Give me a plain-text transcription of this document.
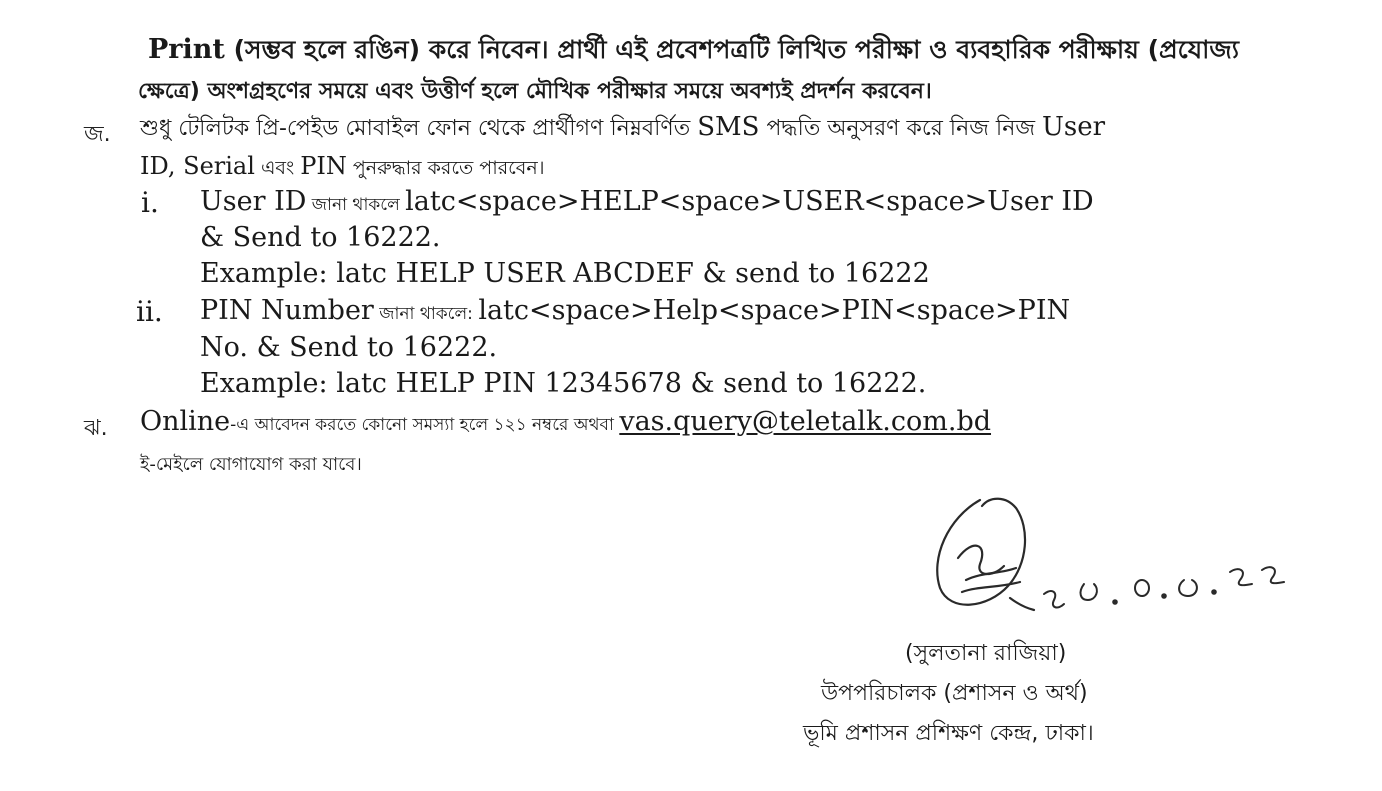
Print (সম্ভব হলে রঙিন) করে নিবেন। প্রার্থী এই প্রবেশপত্রটি লিখিত পরীক্ষা ও ব্যবহারিক পরীক্ষায় (প্রযোজ্য
ক্ষেত্রে) অংশগ্রহণের সময়ে এবং উত্তীর্ণ হলে মৌখিক পরীক্ষার সময়ে অবশ্যই প্রদর্শন করবেন।
জ. শুধু টেলিটক প্রি-পেইড মোবাইল ফোন থেকে প্রার্থীগণ নিম্নবর্ণিত SMS পদ্ধতি অনুসরণ করে নিজ নিজ User
ID, Serial এবং PIN পুনরুদ্ধার করতে পারবেন।
i. User ID জানা থাকলে latc<space>HELP<space>USER<space>User ID
& Send to 16222.
Example: latc HELP USER ABCDEF & send to 16222
ii. PIN Number জানা থাকলে: latc<space>Help<space>PIN<space>PIN
No. & Send to 16222.
Example: latc HELP PIN 12345678 & send to 16222.
ঝ. Online-এ আবেদন করতে কোনো সমস্যা হলে ১২১ নম্বরে অথবা vas.query@teletalk.com.bd
ই-মেইলে যোগাযোগ করা যাবে।
(সুলতানা রাজিয়া)
উপপরিচালক (প্রশাসন ও অর্থ)
ভূমি প্রশাসন প্রশিক্ষণ কেন্দ্র, ঢাকা।
